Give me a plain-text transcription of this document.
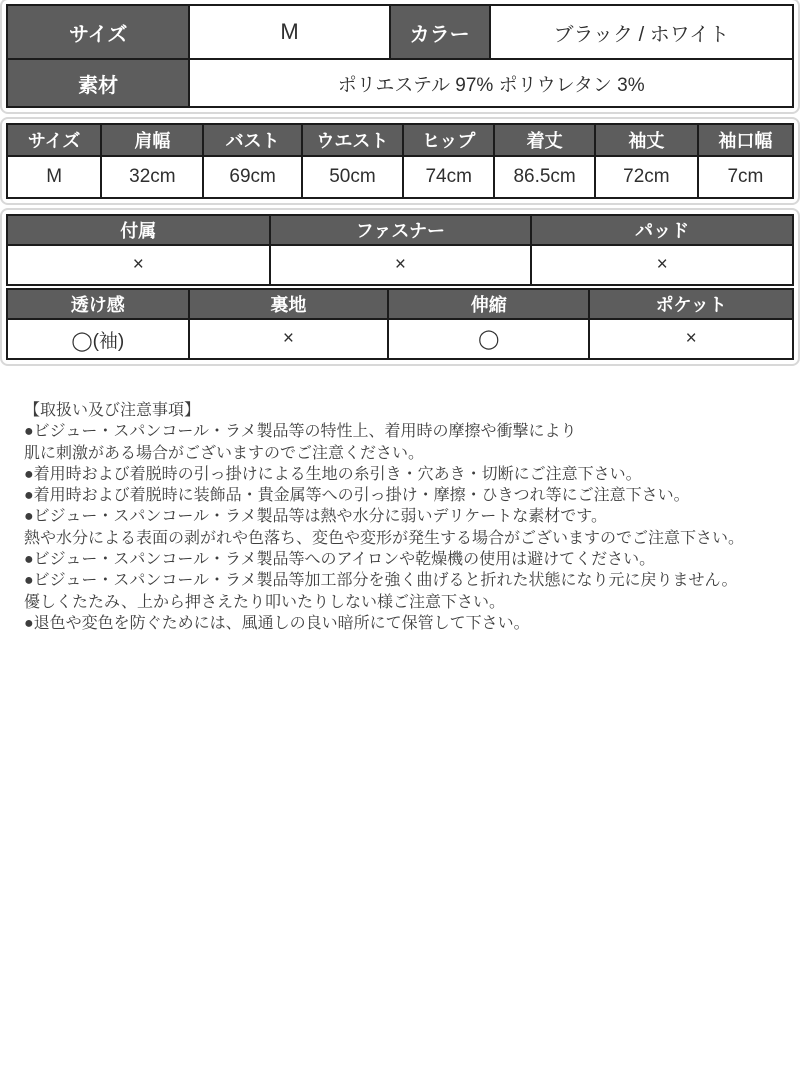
サイズ	M	カラー	ブラック / ホワイト
素材	ポリエステル 97% ポリウレタン 3%		
サイズ	肩幅	バスト	ウエスト	ヒップ	着丈	袖丈	袖口幅
M	32cm	69cm	50cm	74cm	86.5cm	72cm	7cm
付属	ファスナー	パッド
×	×	×
透け感	裏地	伸縮	ポケット
◯(袖)	×	◯	×
【取扱い及び注意事項】
●ビジュー・スパンコール・ラメ製品等の特性上、着用時の摩擦や衝撃により
肌に刺激がある場合がございますのでご注意ください。
●着用時および着脱時の引っ掛けによる生地の糸引き・穴あき・切断にご注意下さい。
●着用時および着脱時に装飾品・貴金属等への引っ掛け・摩擦・ひきつれ等にご注意下さい。
●ビジュー・スパンコール・ラメ製品等は熱や水分に弱いデリケートな素材です。
熱や水分による表面の剥がれや色落ち、変色や変形が発生する場合がございますのでご注意下さい。
●ビジュー・スパンコール・ラメ製品等へのアイロンや乾燥機の使用は避けてください。
●ビジュー・スパンコール・ラメ製品等加工部分を強く曲げると折れた状態になり元に戻りません。
優しくたたみ、上から押さえたり叩いたりしない様ご注意下さい。
●退色や変色を防ぐためには、風通しの良い暗所にて保管して下さい。
